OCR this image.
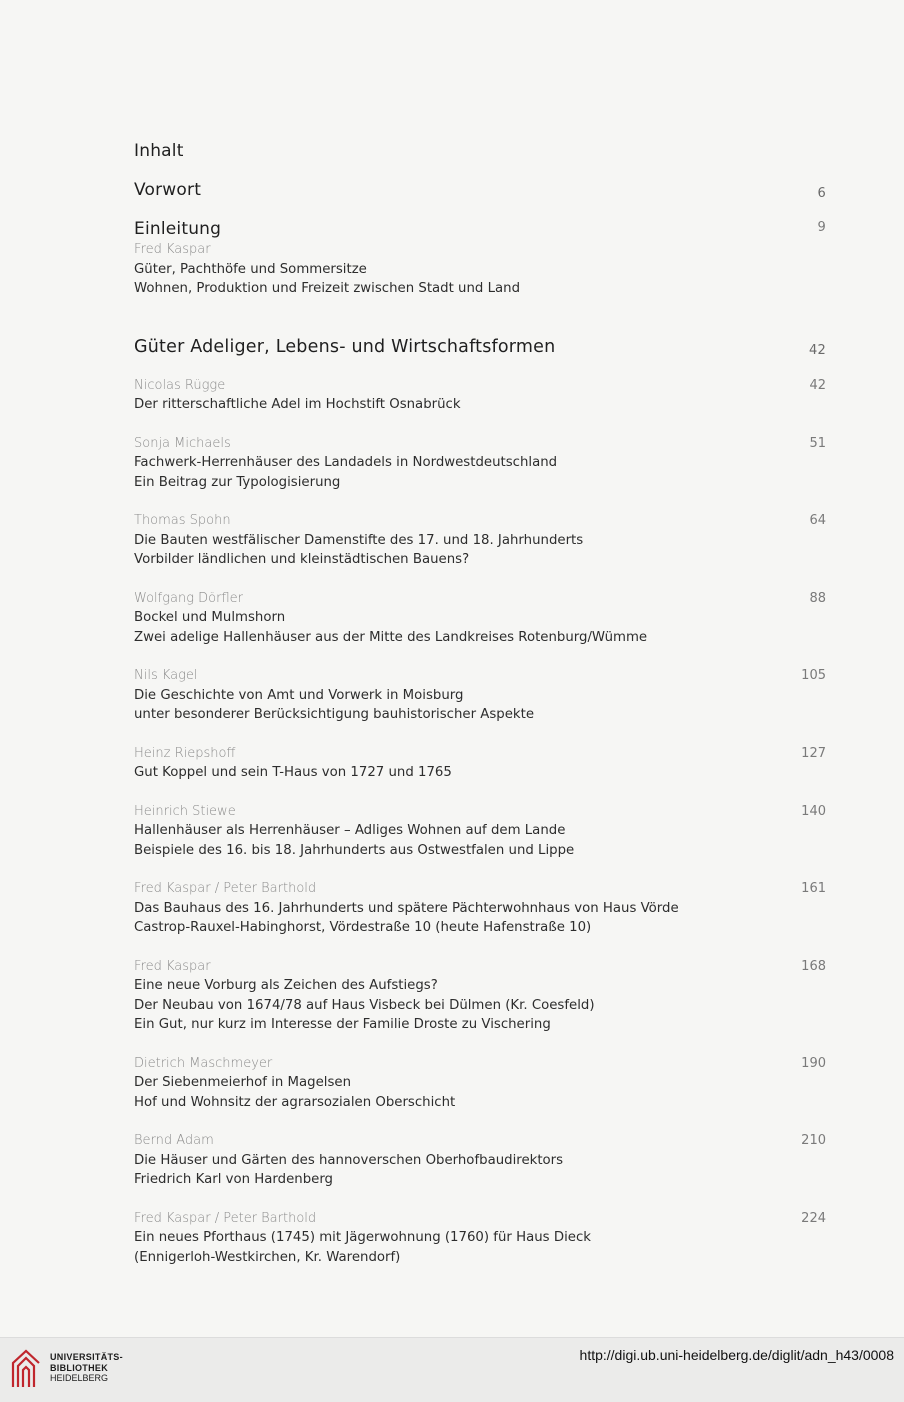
Inhalt
Vorwort	6
Einleitung	9
Fred Kaspar
Güter, Pachthöfe und Sommersitze
Wohnen, Produktion und Freizeit zwischen Stadt und Land
Güter Adeliger, Lebens- und Wirtschaftsformen	42
Nicolas Rügge	42
Der ritterschaftliche Adel im Hochstift Osnabrück
Sonja Michaels	51
Fachwerk-Herrenhäuser des Landadels in Nordwestdeutschland
Ein Beitrag zur Typologisierung
Thomas Spohn	64
Die Bauten westfälischer Damenstifte des 17. und 18. Jahrhunderts
Vorbilder ländlichen und kleinstädtischen Bauens?
Wolfgang Dörfler	88
Bockel und Mulmshorn
Zwei adelige Hallenhäuser aus der Mitte des Landkreises Rotenburg/Wümme
Nils Kagel	105
Die Geschichte von Amt und Vorwerk in Moisburg
unter besonderer Berücksichtigung bauhistorischer Aspekte
Heinz Riepshoff	127
Gut Koppel und sein T-Haus von 1727 und 1765
Heinrich Stiewe	140
Hallenhäuser als Herrenhäuser – Adliges Wohnen auf dem Lande
Beispiele des 16. bis 18. Jahrhunderts aus Ostwestfalen und Lippe
Fred Kaspar / Peter Barthold	161
Das Bauhaus des 16. Jahrhunderts und spätere Pächterwohnhaus von Haus Vörde
Castrop-Rauxel-Habinghorst, Vördestraße 10 (heute Hafenstraße 10)
Fred Kaspar	168
Eine neue Vorburg als Zeichen des Aufstiegs?
Der Neubau von 1674/78 auf Haus Visbeck bei Dülmen (Kr. Coesfeld)
Ein Gut, nur kurz im Interesse der Familie Droste zu Vischering
Dietrich Maschmeyer	190
Der Siebenmeierhof in Magelsen
Hof und Wohnsitz der agrarsozialen Oberschicht
Bernd Adam	210
Die Häuser und Gärten des hannoverschen Oberhofbaudirektors
Friedrich Karl von Hardenberg
Fred Kaspar / Peter Barthold	224
Ein neues Pforthaus (1745) mit Jägerwohnung (1760) für Haus Dieck
(Ennigerloh-Westkirchen, Kr. Warendorf)
UNIVERSITÄTS-
BIBLIOTHEK
HEIDELBERG
http://digi.ub.uni-heidelberg.de/diglit/adn_h43/0008
